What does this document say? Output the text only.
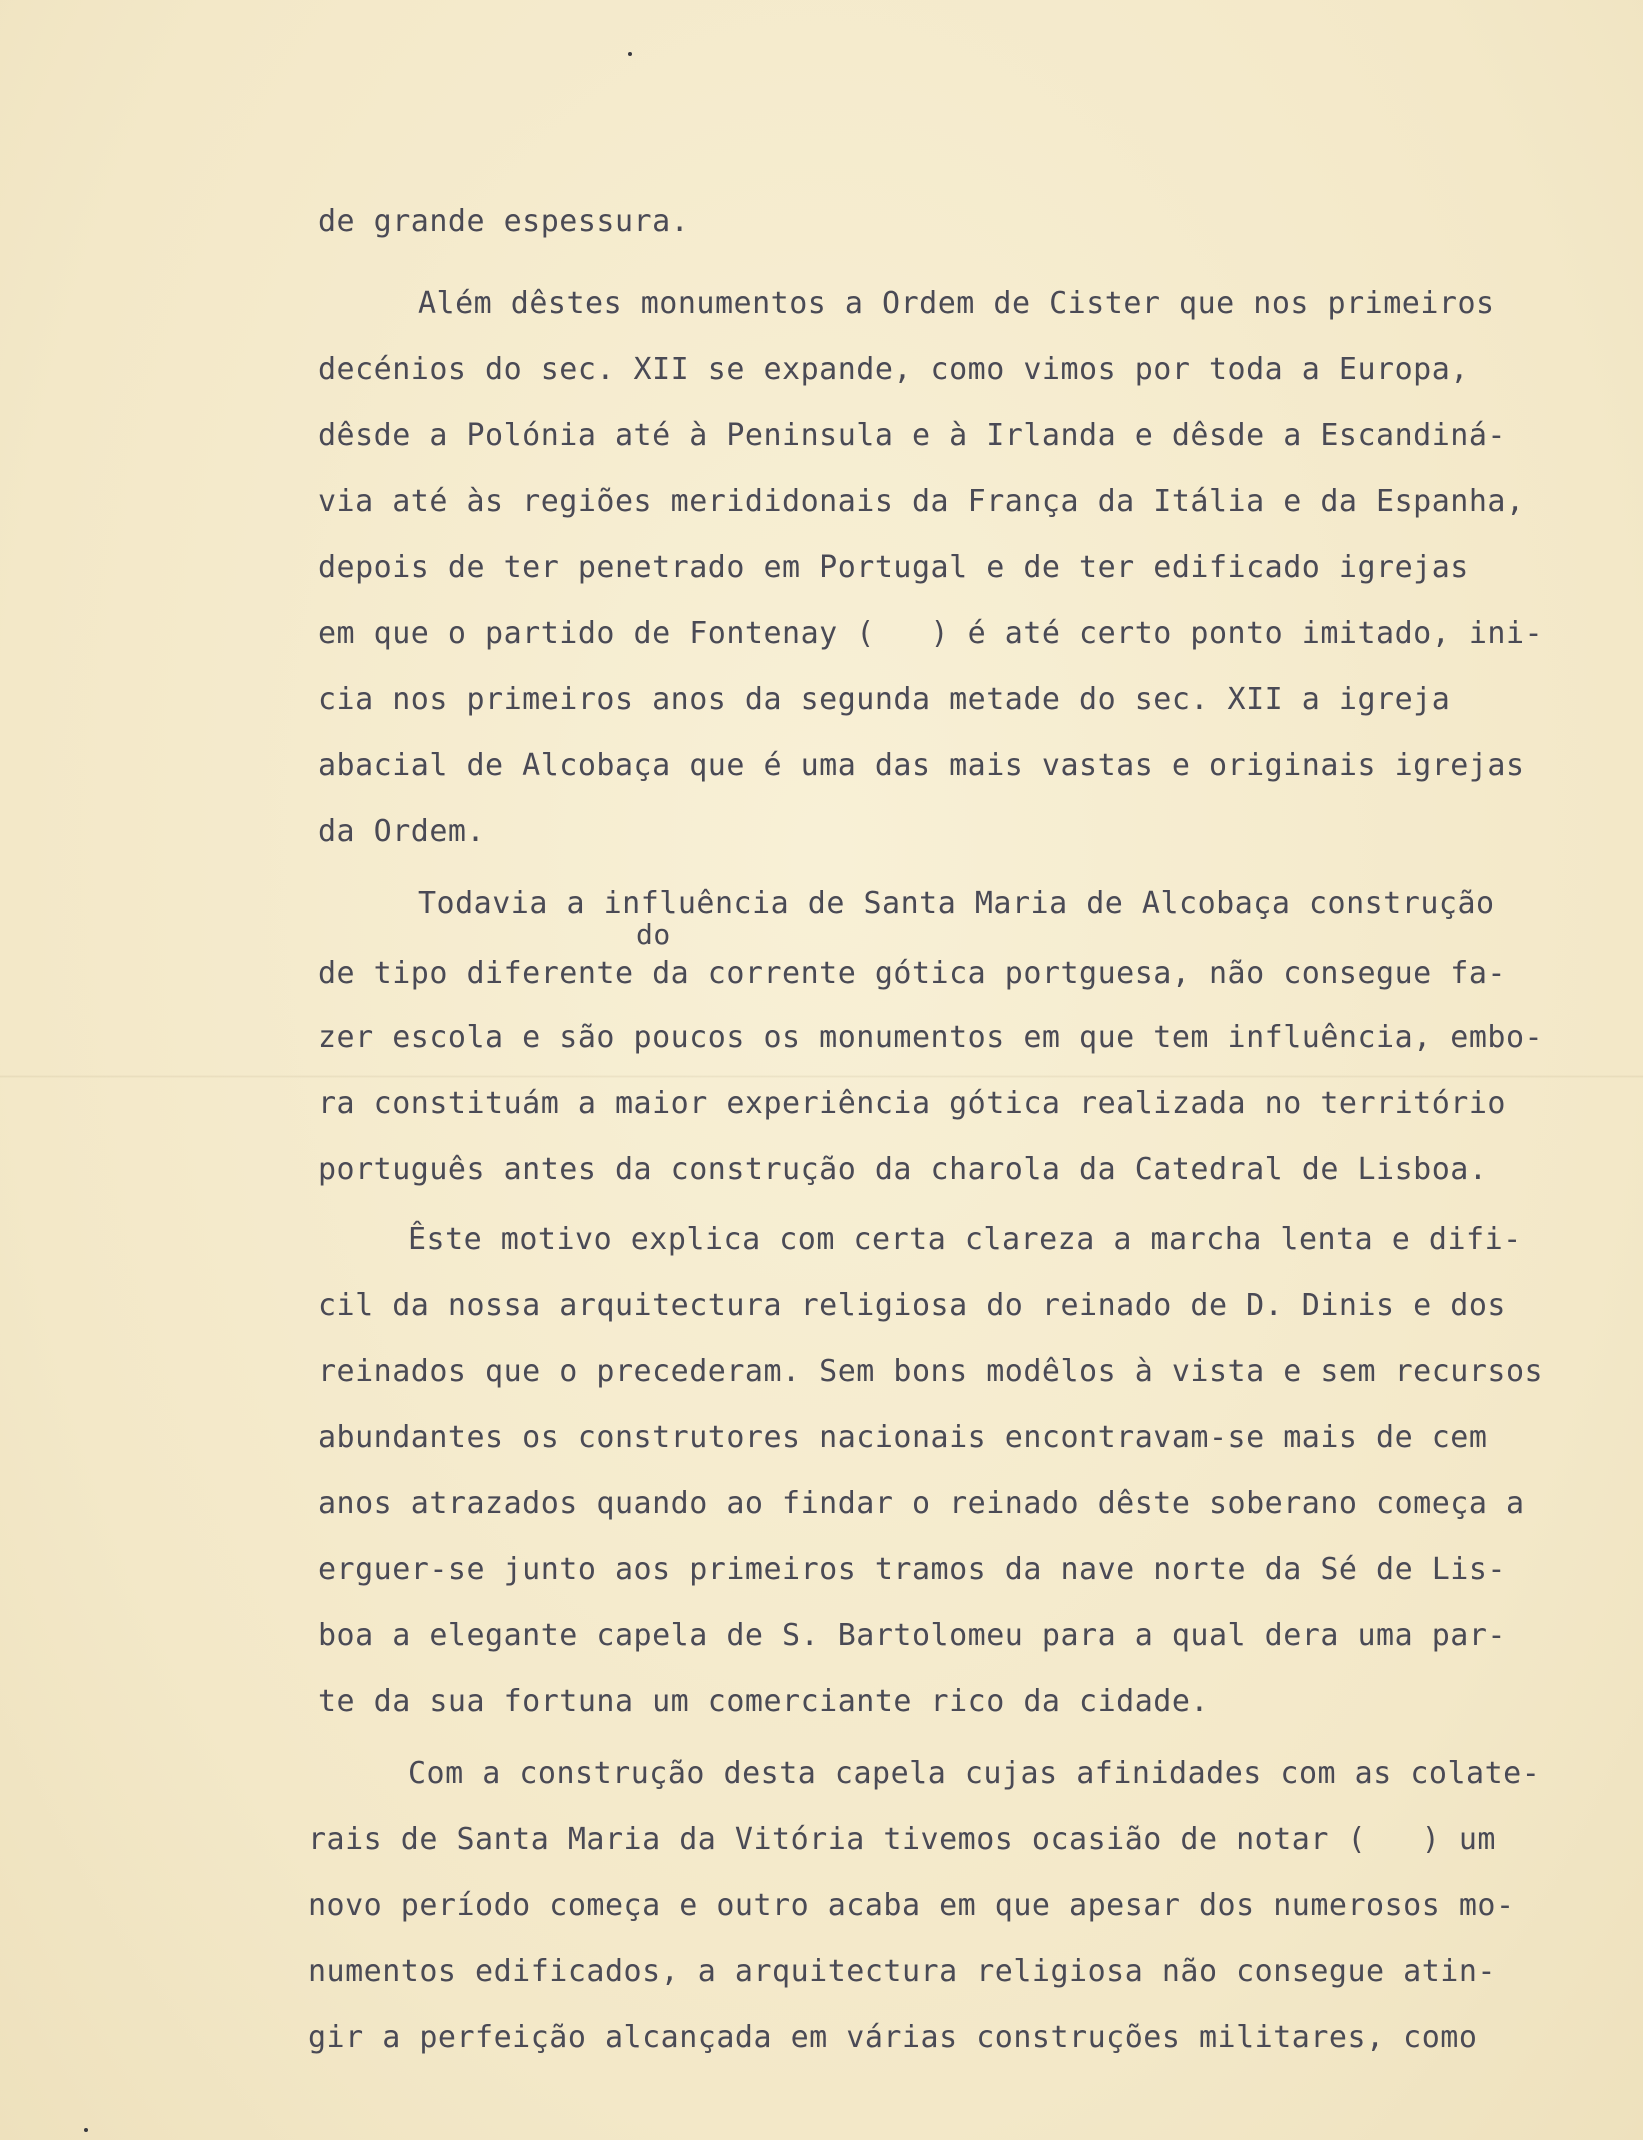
de grande espessura.
Além dêstes monumentos a Ordem de Cister que nos primeiros
decénios do sec. XII se expande, como vimos por toda a Europa,
dêsde a Polónia até à Peninsula e à Irlanda e dêsde a Escandiná-
via até às regiões merididonais da França da Itália e da Espanha,
depois de ter penetrado em Portugal e de ter edificado igrejas
em que o partido de Fontenay (   ) é até certo ponto imitado, ini-
cia nos primeiros anos da segunda metade do sec. XII a igreja
abacial de Alcobaça que é uma das mais vastas e originais igrejas
da Ordem.
Todavia a influência de Santa Maria de Alcobaça construção
do
de tipo diferente da corrente gótica portguesa, não consegue fa-
zer escola e são poucos os monumentos em que tem influência, embo-
ra constituám a maior experiência gótica realizada no território
português antes da construção da charola da Catedral de Lisboa.
Êste motivo explica com certa clareza a marcha lenta e difi-
cil da nossa arquitectura religiosa do reinado de D. Dinis e dos
reinados que o precederam. Sem bons modêlos à vista e sem recursos
abundantes os construtores nacionais encontravam-se mais de cem
anos atrazados quando ao findar o reinado dêste soberano começa a
erguer-se junto aos primeiros tramos da nave norte da Sé de Lis-
boa a elegante capela de S. Bartolomeu para a qual dera uma par-
te da sua fortuna um comerciante rico da cidade.
Com a construção desta capela cujas afinidades com as colate-
rais de Santa Maria da Vitória tivemos ocasião de notar (   ) um
novo período começa e outro acaba em que apesar dos numerosos mo-
numentos edificados, a arquitectura religiosa não consegue atin-
gir a perfeição alcançada em várias construções militares, como
